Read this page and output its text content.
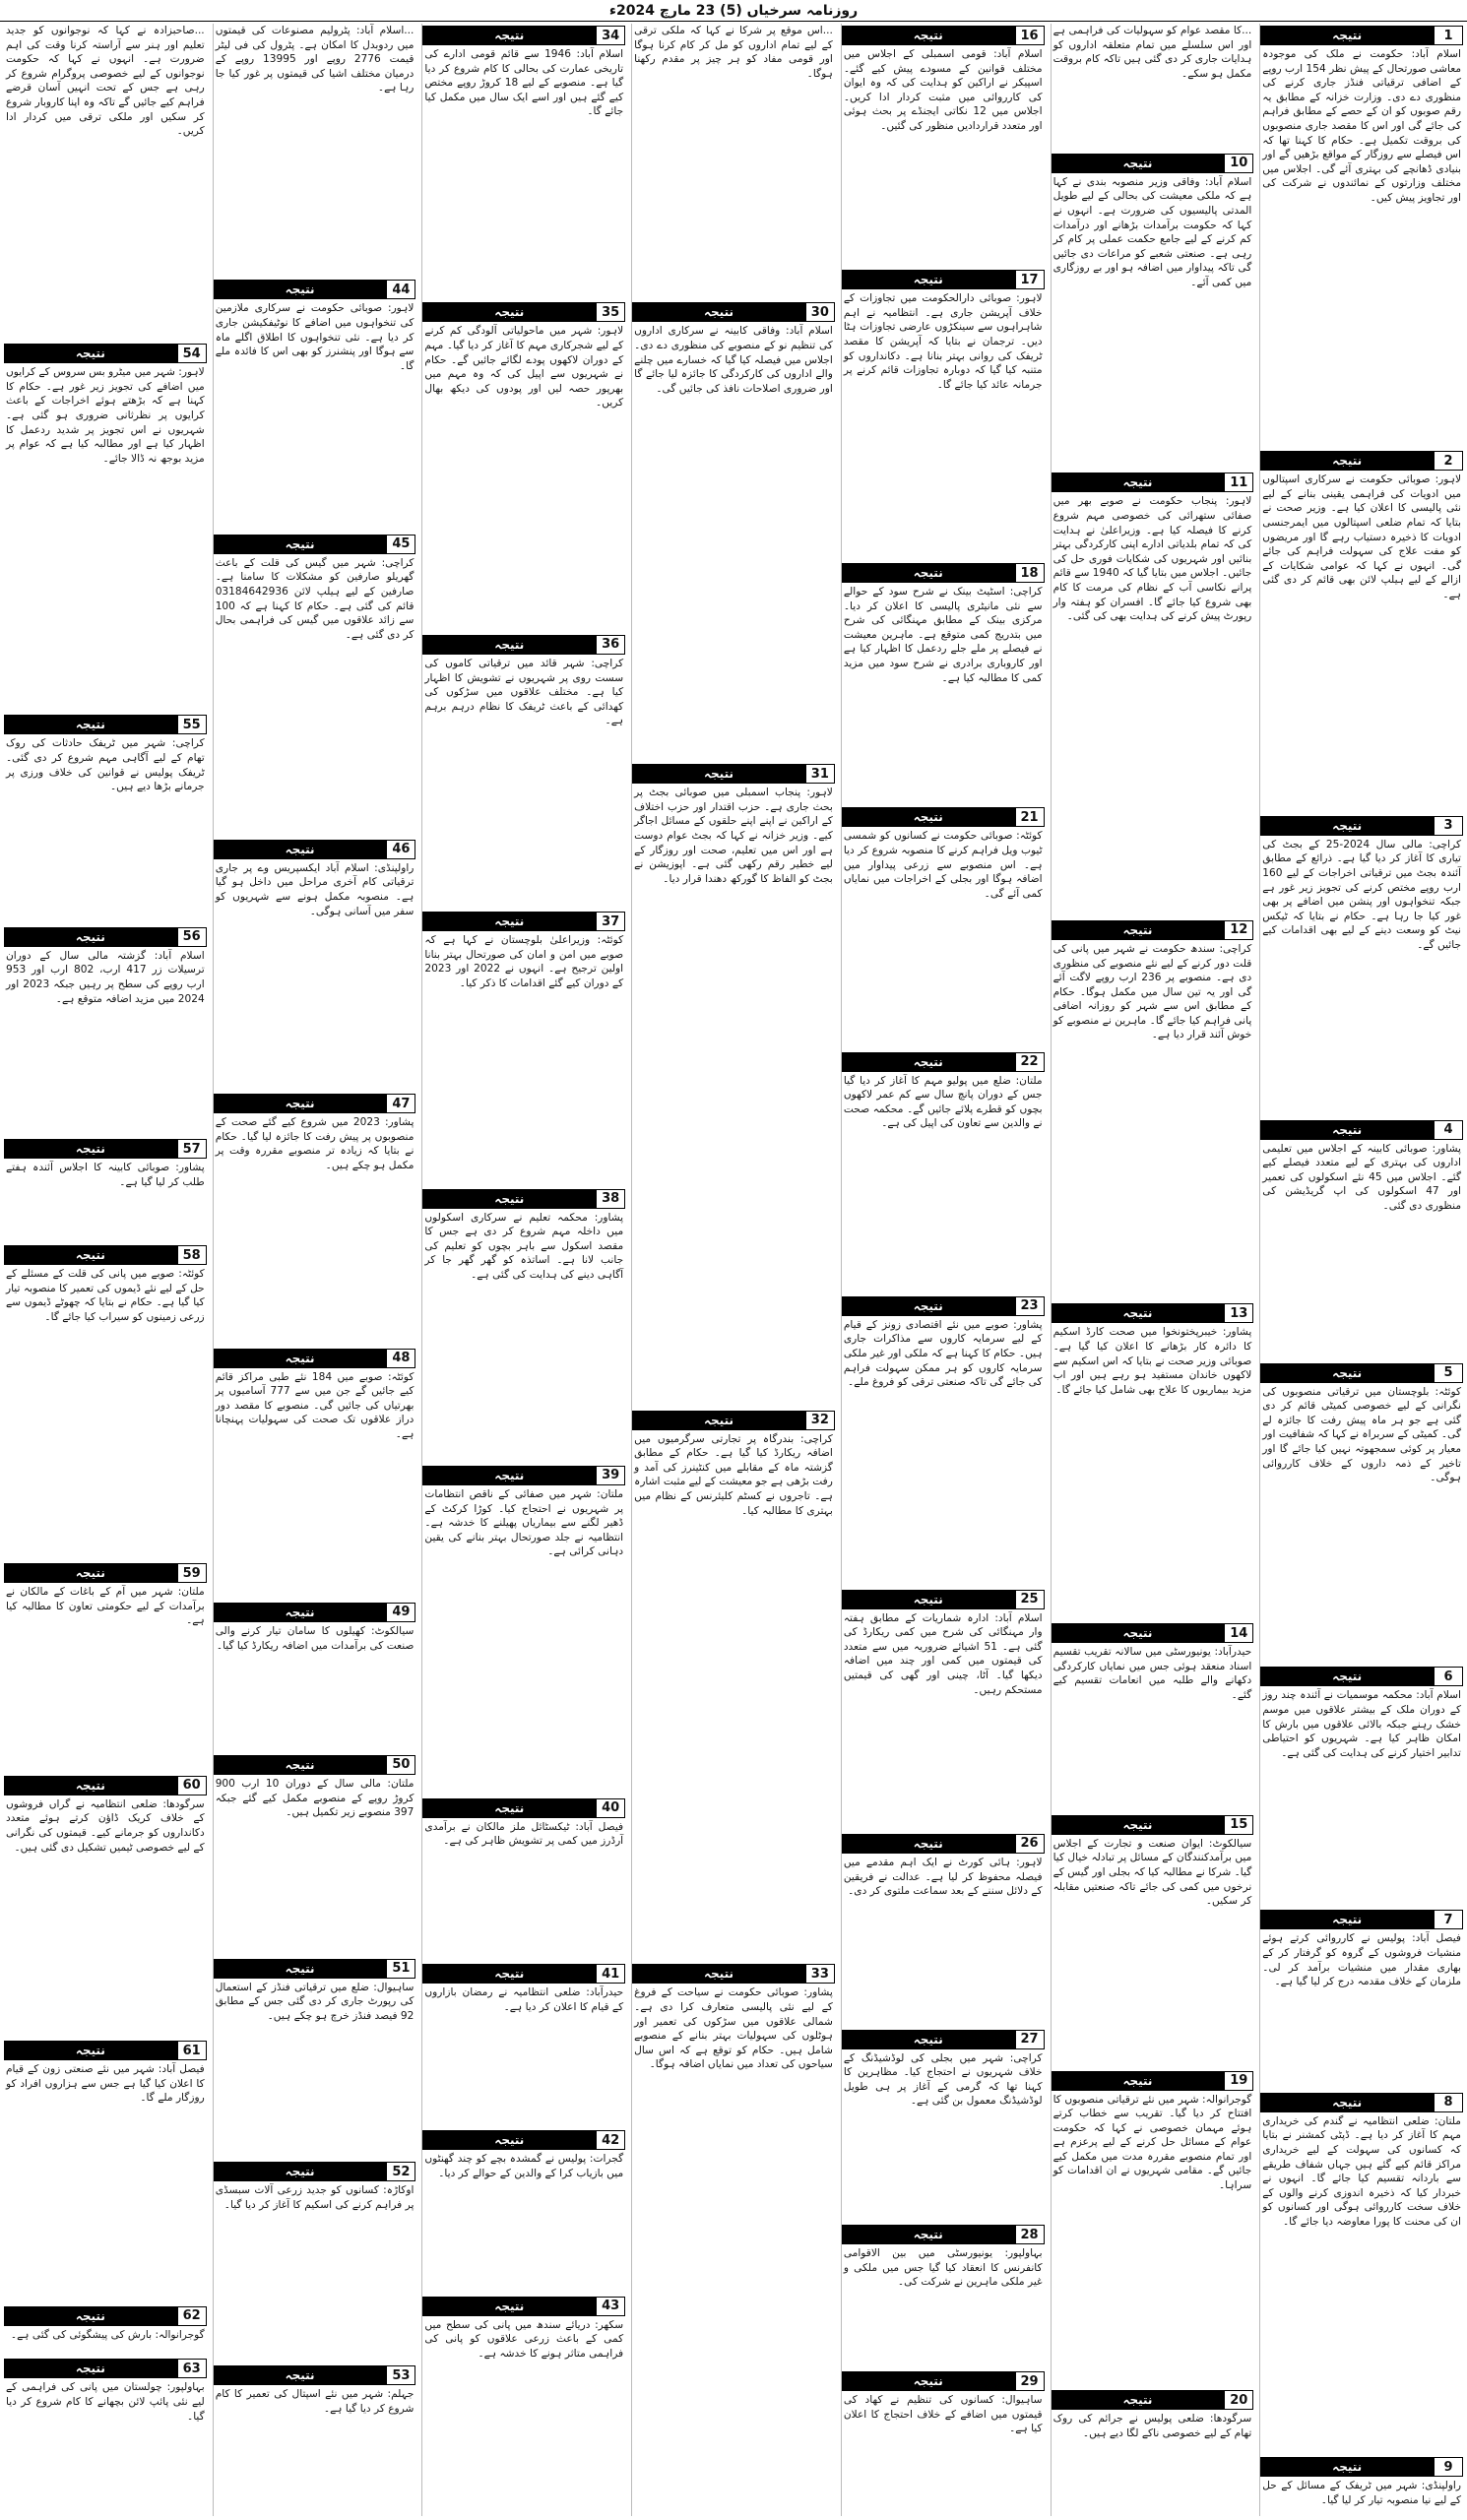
روزنامہ سرخیاں (5) 23 مارچ 2024ء
1
نتیجہ
اسلام آباد: حکومت نے ملک کی موجودہ معاشی صورتحال کے پیش نظر 154 ارب روپے کے اضافی ترقیاتی فنڈز جاری کرنے کی منظوری دے دی۔ وزارت خزانہ کے مطابق یہ رقم صوبوں کو ان کے حصے کے مطابق فراہم کی جائے گی اور اس کا مقصد جاری منصوبوں کی بروقت تکمیل ہے۔ حکام کا کہنا تھا کہ اس فیصلے سے روزگار کے مواقع بڑھیں گے اور بنیادی ڈھانچے کی بہتری آئے گی۔ اجلاس میں مختلف وزارتوں کے نمائندوں نے شرکت کی اور تجاویز پیش کیں۔
2
نتیجہ
لاہور: صوبائی حکومت نے سرکاری اسپتالوں میں ادویات کی فراہمی یقینی بنانے کے لیے نئی پالیسی کا اعلان کیا ہے۔ وزیر صحت نے بتایا کہ تمام ضلعی اسپتالوں میں ایمرجنسی ادویات کا ذخیرہ دستیاب رہے گا اور مریضوں کو مفت علاج کی سہولت فراہم کی جائے گی۔ انہوں نے کہا کہ عوامی شکایات کے ازالے کے لیے ہیلپ لائن بھی قائم کر دی گئی ہے۔
3
نتیجہ
کراچی: مالی سال 2024-25 کے بجٹ کی تیاری کا آغاز کر دیا گیا ہے۔ ذرائع کے مطابق آئندہ بجٹ میں ترقیاتی اخراجات کے لیے 160 ارب روپے مختص کرنے کی تجویز زیر غور ہے جبکہ تنخواہوں اور پنشن میں اضافے پر بھی غور کیا جا رہا ہے۔ حکام نے بتایا کہ ٹیکس نیٹ کو وسعت دینے کے لیے بھی اقدامات کیے جائیں گے۔
4
نتیجہ
پشاور: صوبائی کابینہ کے اجلاس میں تعلیمی اداروں کی بہتری کے لیے متعدد فیصلے کیے گئے۔ اجلاس میں 45 نئے اسکولوں کی تعمیر اور 47 اسکولوں کی اپ گریڈیشن کی منظوری دی گئی۔
5
نتیجہ
کوئٹہ: بلوچستان میں ترقیاتی منصوبوں کی نگرانی کے لیے خصوصی کمیٹی قائم کر دی گئی ہے جو ہر ماہ پیش رفت کا جائزہ لے گی۔ کمیٹی کے سربراہ نے کہا کہ شفافیت اور معیار پر کوئی سمجھوتہ نہیں کیا جائے گا اور تاخیر کے ذمہ داروں کے خلاف کارروائی ہوگی۔
6
نتیجہ
اسلام آباد: محکمہ موسمیات نے آئندہ چند روز کے دوران ملک کے بیشتر علاقوں میں موسم خشک رہنے جبکہ بالائی علاقوں میں بارش کا امکان ظاہر کیا ہے۔ شہریوں کو احتیاطی تدابیر اختیار کرنے کی ہدایت کی گئی ہے۔
7
نتیجہ
فیصل آباد: پولیس نے کارروائی کرتے ہوئے منشیات فروشوں کے گروہ کو گرفتار کر کے بھاری مقدار میں منشیات برآمد کر لی۔ ملزمان کے خلاف مقدمہ درج کر لیا گیا ہے۔
8
نتیجہ
ملتان: ضلعی انتظامیہ نے گندم کی خریداری مہم کا آغاز کر دیا ہے۔ ڈپٹی کمشنر نے بتایا کہ کسانوں کی سہولت کے لیے خریداری مراکز قائم کیے گئے ہیں جہاں شفاف طریقے سے باردانہ تقسیم کیا جائے گا۔ انہوں نے خبردار کیا کہ ذخیرہ اندوزی کرنے والوں کے خلاف سخت کارروائی ہوگی اور کسانوں کو ان کی محنت کا پورا معاوضہ دیا جائے گا۔
9
نتیجہ
راولپنڈی: شہر میں ٹریفک کے مسائل کے حل کے لیے نیا منصوبہ تیار کر لیا گیا۔
...کا مقصد عوام کو سہولیات کی فراہمی ہے اور اس سلسلے میں تمام متعلقہ اداروں کو ہدایات جاری کر دی گئی ہیں تاکہ کام بروقت مکمل ہو سکے۔
10
نتیجہ
اسلام آباد: وفاقی وزیر منصوبہ بندی نے کہا ہے کہ ملکی معیشت کی بحالی کے لیے طویل المدتی پالیسیوں کی ضرورت ہے۔ انہوں نے کہا کہ حکومت برآمدات بڑھانے اور درآمدات کم کرنے کے لیے جامع حکمت عملی پر کام کر رہی ہے۔ صنعتی شعبے کو مراعات دی جائیں گی تاکہ پیداوار میں اضافہ ہو اور بے روزگاری میں کمی آئے۔
11
نتیجہ
لاہور: پنجاب حکومت نے صوبے بھر میں صفائی ستھرائی کی خصوصی مہم شروع کرنے کا فیصلہ کیا ہے۔ وزیراعلیٰ نے ہدایت کی کہ تمام بلدیاتی ادارے اپنی کارکردگی بہتر بنائیں اور شہریوں کی شکایات فوری حل کی جائیں۔ اجلاس میں بتایا گیا کہ 1940 سے قائم پرانے نکاسی آب کے نظام کی مرمت کا کام بھی شروع کیا جائے گا۔ افسران کو ہفتہ وار رپورٹ پیش کرنے کی ہدایت بھی کی گئی۔
12
نتیجہ
کراچی: سندھ حکومت نے شہر میں پانی کی قلت دور کرنے کے لیے نئے منصوبے کی منظوری دی ہے۔ منصوبے پر 236 ارب روپے لاگت آئے گی اور یہ تین سال میں مکمل ہوگا۔ حکام کے مطابق اس سے شہر کو روزانہ اضافی پانی فراہم کیا جائے گا۔ ماہرین نے منصوبے کو خوش آئند قرار دیا ہے۔
13
نتیجہ
پشاور: خیبرپختونخوا میں صحت کارڈ اسکیم کا دائرہ کار بڑھانے کا اعلان کیا گیا ہے۔ صوبائی وزیر صحت نے بتایا کہ اس اسکیم سے لاکھوں خاندان مستفید ہو رہے ہیں اور اب مزید بیماریوں کا علاج بھی شامل کیا جائے گا۔
14
نتیجہ
حیدرآباد: یونیورسٹی میں سالانہ تقریب تقسیم اسناد منعقد ہوئی جس میں نمایاں کارکردگی دکھانے والے طلبہ میں انعامات تقسیم کیے گئے۔
15
نتیجہ
سیالکوٹ: ایوان صنعت و تجارت کے اجلاس میں برآمدکنندگان کے مسائل پر تبادلہ خیال کیا گیا۔ شرکا نے مطالبہ کیا کہ بجلی اور گیس کے نرخوں میں کمی کی جائے تاکہ صنعتیں مقابلہ کر سکیں۔
19
نتیجہ
گوجرانوالہ: شہر میں نئے ترقیاتی منصوبوں کا افتتاح کر دیا گیا۔ تقریب سے خطاب کرتے ہوئے مہمان خصوصی نے کہا کہ حکومت عوام کے مسائل حل کرنے کے لیے پرعزم ہے اور تمام منصوبے مقررہ مدت میں مکمل کیے جائیں گے۔ مقامی شہریوں نے ان اقدامات کو سراہا۔
20
نتیجہ
سرگودھا: ضلعی پولیس نے جرائم کی روک تھام کے لیے خصوصی ناکے لگا دیے ہیں۔
16
نتیجہ
اسلام آباد: قومی اسمبلی کے اجلاس میں مختلف قوانین کے مسودے پیش کیے گئے۔ اسپیکر نے اراکین کو ہدایت کی کہ وہ ایوان کی کارروائی میں مثبت کردار ادا کریں۔ اجلاس میں 12 نکاتی ایجنڈے پر بحث ہوئی اور متعدد قراردادیں منظور کی گئیں۔
17
نتیجہ
لاہور: صوبائی دارالحکومت میں تجاوزات کے خلاف آپریشن جاری ہے۔ انتظامیہ نے اہم شاہراہوں سے سینکڑوں عارضی تجاوزات ہٹا دیں۔ ترجمان نے بتایا کہ آپریشن کا مقصد ٹریفک کی روانی بہتر بنانا ہے۔ دکانداروں کو متنبہ کیا گیا کہ دوبارہ تجاوزات قائم کرنے پر جرمانہ عائد کیا جائے گا۔
18
نتیجہ
کراچی: اسٹیٹ بینک نے شرح سود کے حوالے سے نئی مانیٹری پالیسی کا اعلان کر دیا۔ مرکزی بینک کے مطابق مہنگائی کی شرح میں بتدریج کمی متوقع ہے۔ ماہرین معیشت نے فیصلے پر ملے جلے ردعمل کا اظہار کیا ہے اور کاروباری برادری نے شرح سود میں مزید کمی کا مطالبہ کیا ہے۔
21
نتیجہ
کوئٹہ: صوبائی حکومت نے کسانوں کو شمسی ٹیوب ویل فراہم کرنے کا منصوبہ شروع کر دیا ہے۔ اس منصوبے سے زرعی پیداوار میں اضافہ ہوگا اور بجلی کے اخراجات میں نمایاں کمی آئے گی۔
22
نتیجہ
ملتان: ضلع میں پولیو مہم کا آغاز کر دیا گیا جس کے دوران پانچ سال سے کم عمر لاکھوں بچوں کو قطرے پلائے جائیں گے۔ محکمہ صحت نے والدین سے تعاون کی اپیل کی ہے۔
23
نتیجہ
پشاور: صوبے میں نئے اقتصادی زونز کے قیام کے لیے سرمایہ کاروں سے مذاکرات جاری ہیں۔ حکام کا کہنا ہے کہ ملکی اور غیر ملکی سرمایہ کاروں کو ہر ممکن سہولت فراہم کی جائے گی تاکہ صنعتی ترقی کو فروغ ملے۔
25
نتیجہ
اسلام آباد: ادارہ شماریات کے مطابق ہفتہ وار مہنگائی کی شرح میں کمی ریکارڈ کی گئی ہے۔ 51 اشیائے ضروریہ میں سے متعدد کی قیمتوں میں کمی اور چند میں اضافہ دیکھا گیا۔ آٹا، چینی اور گھی کی قیمتیں مستحکم رہیں۔
26
نتیجہ
لاہور: ہائی کورٹ نے ایک اہم مقدمے میں فیصلہ محفوظ کر لیا ہے۔ عدالت نے فریقین کے دلائل سننے کے بعد سماعت ملتوی کر دی۔
27
نتیجہ
کراچی: شہر میں بجلی کی لوڈشیڈنگ کے خلاف شہریوں نے احتجاج کیا۔ مظاہرین کا کہنا تھا کہ گرمی کے آغاز پر ہی طویل لوڈشیڈنگ معمول بن گئی ہے۔
28
نتیجہ
بہاولپور: یونیورسٹی میں بین الاقوامی کانفرنس کا انعقاد کیا گیا جس میں ملکی و غیر ملکی ماہرین نے شرکت کی۔
29
نتیجہ
ساہیوال: کسانوں کی تنظیم نے کھاد کی قیمتوں میں اضافے کے خلاف احتجاج کا اعلان کیا ہے۔
...اس موقع پر شرکا نے کہا کہ ملکی ترقی کے لیے تمام اداروں کو مل کر کام کرنا ہوگا اور قومی مفاد کو ہر چیز پر مقدم رکھنا ہوگا۔
30
نتیجہ
اسلام آباد: وفاقی کابینہ نے سرکاری اداروں کی تنظیم نو کے منصوبے کی منظوری دے دی۔ اجلاس میں فیصلہ کیا گیا کہ خسارے میں چلنے والے اداروں کی کارکردگی کا جائزہ لیا جائے گا اور ضروری اصلاحات نافذ کی جائیں گی۔
31
نتیجہ
لاہور: پنجاب اسمبلی میں صوبائی بجٹ پر بحث جاری ہے۔ حزب اقتدار اور حزب اختلاف کے اراکین نے اپنے اپنے حلقوں کے مسائل اجاگر کیے۔ وزیر خزانہ نے کہا کہ بجٹ عوام دوست ہے اور اس میں تعلیم، صحت اور روزگار کے لیے خطیر رقم رکھی گئی ہے۔ اپوزیشن نے بجٹ کو الفاظ کا گورکھ دھندا قرار دیا۔
32
نتیجہ
کراچی: بندرگاہ پر تجارتی سرگرمیوں میں اضافہ ریکارڈ کیا گیا ہے۔ حکام کے مطابق گزشتہ ماہ کے مقابلے میں کنٹینرز کی آمد و رفت بڑھی ہے جو معیشت کے لیے مثبت اشارہ ہے۔ تاجروں نے کسٹم کلیئرنس کے نظام میں بہتری کا مطالبہ کیا۔
33
نتیجہ
پشاور: صوبائی حکومت نے سیاحت کے فروغ کے لیے نئی پالیسی متعارف کرا دی ہے۔ شمالی علاقوں میں سڑکوں کی تعمیر اور ہوٹلوں کی سہولیات بہتر بنانے کے منصوبے شامل ہیں۔ حکام کو توقع ہے کہ اس سال سیاحوں کی تعداد میں نمایاں اضافہ ہوگا۔
34
نتیجہ
اسلام آباد: 1946 سے قائم قومی ادارے کی تاریخی عمارت کی بحالی کا کام شروع کر دیا گیا ہے۔ منصوبے کے لیے 18 کروڑ روپے مختص کیے گئے ہیں اور اسے ایک سال میں مکمل کیا جائے گا۔
35
نتیجہ
لاہور: شہر میں ماحولیاتی آلودگی کم کرنے کے لیے شجرکاری مہم کا آغاز کر دیا گیا۔ مہم کے دوران لاکھوں پودے لگائے جائیں گے۔ حکام نے شہریوں سے اپیل کی کہ وہ مہم میں بھرپور حصہ لیں اور پودوں کی دیکھ بھال کریں۔
36
نتیجہ
کراچی: شہر قائد میں ترقیاتی کاموں کی سست روی پر شہریوں نے تشویش کا اظہار کیا ہے۔ مختلف علاقوں میں سڑکوں کی کھدائی کے باعث ٹریفک کا نظام درہم برہم ہے۔
37
نتیجہ
کوئٹہ: وزیراعلیٰ بلوچستان نے کہا ہے کہ صوبے میں امن و امان کی صورتحال بہتر بنانا اولین ترجیح ہے۔ انہوں نے 2022 اور 2023 کے دوران کیے گئے اقدامات کا ذکر کیا۔
38
نتیجہ
پشاور: محکمہ تعلیم نے سرکاری اسکولوں میں داخلہ مہم شروع کر دی ہے جس کا مقصد اسکول سے باہر بچوں کو تعلیم کی جانب لانا ہے۔ اساتذہ کو گھر گھر جا کر آگاہی دینے کی ہدایت کی گئی ہے۔
39
نتیجہ
ملتان: شہر میں صفائی کے ناقص انتظامات پر شہریوں نے احتجاج کیا۔ کوڑا کرکٹ کے ڈھیر لگنے سے بیماریاں پھیلنے کا خدشہ ہے۔ انتظامیہ نے جلد صورتحال بہتر بنانے کی یقین دہانی کرائی ہے۔
40
نتیجہ
فیصل آباد: ٹیکسٹائل ملز مالکان نے برآمدی آرڈرز میں کمی پر تشویش ظاہر کی ہے۔
41
نتیجہ
حیدرآباد: ضلعی انتظامیہ نے رمضان بازاروں کے قیام کا اعلان کر دیا ہے۔
42
نتیجہ
گجرات: پولیس نے گمشدہ بچے کو چند گھنٹوں میں بازیاب کرا کے والدین کے حوالے کر دیا۔
43
نتیجہ
سکھر: دریائے سندھ میں پانی کی سطح میں کمی کے باعث زرعی علاقوں کو پانی کی فراہمی متاثر ہونے کا خدشہ ہے۔
...اسلام آباد: پٹرولیم مصنوعات کی قیمتوں میں ردوبدل کا امکان ہے۔ پٹرول کی فی لیٹر قیمت 2776 روپے اور 13995 روپے کے درمیان مختلف اشیا کی قیمتوں پر غور کیا جا رہا ہے۔
44
نتیجہ
لاہور: صوبائی حکومت نے سرکاری ملازمین کی تنخواہوں میں اضافے کا نوٹیفکیشن جاری کر دیا ہے۔ نئی تنخواہوں کا اطلاق اگلے ماہ سے ہوگا اور پنشنرز کو بھی اس کا فائدہ ملے گا۔
45
نتیجہ
کراچی: شہر میں گیس کی قلت کے باعث گھریلو صارفین کو مشکلات کا سامنا ہے۔ صارفین کے لیے ہیلپ لائن 03184642936 قائم کی گئی ہے۔ حکام کا کہنا ہے کہ 100 سے زائد علاقوں میں گیس کی فراہمی بحال کر دی گئی ہے۔
46
نتیجہ
راولپنڈی: اسلام آباد ایکسپریس وے پر جاری ترقیاتی کام آخری مراحل میں داخل ہو گیا ہے۔ منصوبہ مکمل ہونے سے شہریوں کو سفر میں آسانی ہوگی۔
47
نتیجہ
پشاور: 2023 میں شروع کیے گئے صحت کے منصوبوں پر پیش رفت کا جائزہ لیا گیا۔ حکام نے بتایا کہ زیادہ تر منصوبے مقررہ وقت پر مکمل ہو چکے ہیں۔
48
نتیجہ
کوئٹہ: صوبے میں 184 نئے طبی مراکز قائم کیے جائیں گے جن میں سے 777 آسامیوں پر بھرتیاں کی جائیں گی۔ منصوبے کا مقصد دور دراز علاقوں تک صحت کی سہولیات پہنچانا ہے۔
49
نتیجہ
سیالکوٹ: کھیلوں کا سامان تیار کرنے والی صنعت کی برآمدات میں اضافہ ریکارڈ کیا گیا۔
50
نتیجہ
ملتان: مالی سال کے دوران 10 ارب 900 کروڑ روپے کے منصوبے مکمل کیے گئے جبکہ 397 منصوبے زیر تکمیل ہیں۔
51
نتیجہ
ساہیوال: ضلع میں ترقیاتی فنڈز کے استعمال کی رپورٹ جاری کر دی گئی جس کے مطابق 92 فیصد فنڈز خرچ ہو چکے ہیں۔
52
نتیجہ
اوکاڑہ: کسانوں کو جدید زرعی آلات سبسڈی پر فراہم کرنے کی اسکیم کا آغاز کر دیا گیا۔
53
نتیجہ
جہلم: شہر میں نئے اسپتال کی تعمیر کا کام شروع کر دیا گیا ہے۔
...صاحبزادہ نے کہا کہ نوجوانوں کو جدید تعلیم اور ہنر سے آراستہ کرنا وقت کی اہم ضرورت ہے۔ انہوں نے کہا کہ حکومت نوجوانوں کے لیے خصوصی پروگرام شروع کر رہی ہے جس کے تحت انہیں آسان قرضے فراہم کیے جائیں گے تاکہ وہ اپنا کاروبار شروع کر سکیں اور ملکی ترقی میں کردار ادا کریں۔
54
نتیجہ
لاہور: شہر میں میٹرو بس سروس کے کرایوں میں اضافے کی تجویز زیر غور ہے۔ حکام کا کہنا ہے کہ بڑھتے ہوئے اخراجات کے باعث کرایوں پر نظرثانی ضروری ہو گئی ہے۔ شہریوں نے اس تجویز پر شدید ردعمل کا اظہار کیا ہے اور مطالبہ کیا ہے کہ عوام پر مزید بوجھ نہ ڈالا جائے۔
55
نتیجہ
کراچی: شہر میں ٹریفک حادثات کی روک تھام کے لیے آگاہی مہم شروع کر دی گئی۔ ٹریفک پولیس نے قوانین کی خلاف ورزی پر جرمانے بڑھا دیے ہیں۔
56
نتیجہ
اسلام آباد: گزشتہ مالی سال کے دوران ترسیلات زر 417 ارب، 802 ارب اور 953 ارب روپے کی سطح پر رہیں جبکہ 2023 اور 2024 میں مزید اضافہ متوقع ہے۔
57
نتیجہ
پشاور: صوبائی کابینہ کا اجلاس آئندہ ہفتے طلب کر لیا گیا ہے۔
58
نتیجہ
کوئٹہ: صوبے میں پانی کی قلت کے مسئلے کے حل کے لیے نئے ڈیموں کی تعمیر کا منصوبہ تیار کیا گیا ہے۔ حکام نے بتایا کہ چھوٹے ڈیموں سے زرعی زمینوں کو سیراب کیا جائے گا۔
59
نتیجہ
ملتان: شہر میں آم کے باغات کے مالکان نے برآمدات کے لیے حکومتی تعاون کا مطالبہ کیا ہے۔
60
نتیجہ
سرگودھا: ضلعی انتظامیہ نے گراں فروشوں کے خلاف کریک ڈاؤن کرتے ہوئے متعدد دکانداروں کو جرمانے کیے۔ قیمتوں کی نگرانی کے لیے خصوصی ٹیمیں تشکیل دی گئی ہیں۔
61
نتیجہ
فیصل آباد: شہر میں نئے صنعتی زون کے قیام کا اعلان کیا گیا ہے جس سے ہزاروں افراد کو روزگار ملے گا۔
62
نتیجہ
گوجرانوالہ: بارش کی پیشگوئی کی گئی ہے۔
63
نتیجہ
بہاولپور: چولستان میں پانی کی فراہمی کے لیے نئی پائپ لائن بچھانے کا کام شروع کر دیا گیا۔
